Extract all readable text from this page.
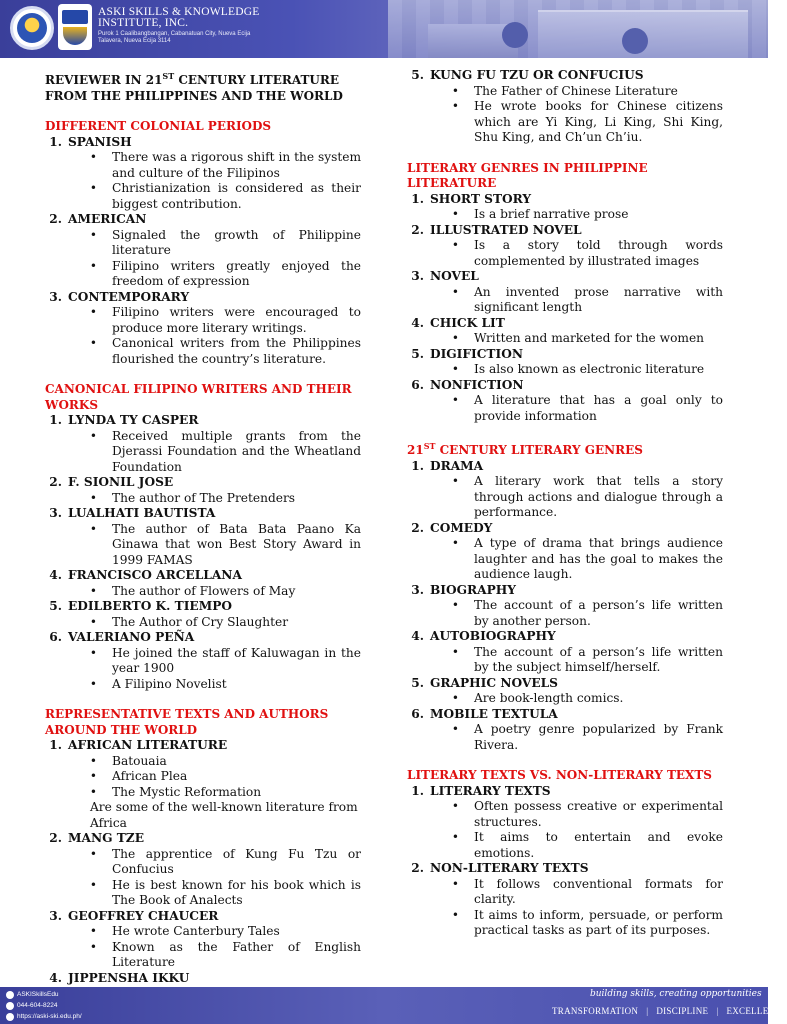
ASKI SKILLS & KNOWLEDGE
INSTITUTE, INC.
Purok 1 Caalibangbangan, Cabanatuan City, Nueva Ecija
Talavera, Nueva Ecija 3114
REVIEWER IN 21ST CENTURY LITERATURE FROM THE PHILIPPINES AND THE WORLD
DIFFERENT COLONIAL PERIODS
1. SPANISH
•	There was a rigorous shift in the system and culture of the Filipinos
•	Christianization is considered as their biggest contribution.
2. AMERICAN
•	Signaled the growth of Philippine literature
•	Filipino writers greatly enjoyed the freedom of expression
3. CONTEMPORARY
•	Filipino writers were encouraged to produce more literary writings.
•	Canonical writers from the Philippines flourished the country’s literature.
CANONICAL FILIPINO WRITERS AND THEIR WORKS
1. LYNDA TY CASPER
•	Received multiple grants from the Djerassi Foundation and the Wheatland Foundation
2. F. SIONIL JOSE
•	The author of The Pretenders
3. LUALHATI BAUTISTA
•	The author of Bata Bata Paano Ka Ginawa that won Best Story Award in 1999 FAMAS
4. FRANCISCO ARCELLANA
•	The author of Flowers of May
5. EDILBERTO K. TIEMPO
•	The Author of Cry Slaughter
6. VALERIANO PEÑA
•	He joined the staff of Kaluwagan in the year 1900
•	A Filipino Novelist
REPRESENTATIVE TEXTS AND AUTHORS AROUND THE WORLD
1. AFRICAN LITERATURE
•	Batouaia
•	African Plea
•	The Mystic Reformation
Are some of the well-known literature from Africa
2. MANG TZE
•	The apprentice of Kung Fu Tzu or Confucius
•	He is best known for his book which is The Book of Analects
3. GEOFFREY CHAUCER
•	He wrote Canterbury Tales
•	Known as the Father of English Literature
4. JIPPENSHA IKKU
5. KUNG FU TZU OR CONFUCIUS
•	The Father of Chinese Literature
•	He wrote books for Chinese citizens which are Yi King, Li King, Shi King, Shu King, and Ch’un Ch’iu.
LITERARY GENRES IN PHILIPPINE LITERATURE
1. SHORT STORY
•	Is a brief narrative prose
2. ILLUSTRATED NOVEL
•	Is a story told through words complemented by illustrated images
3. NOVEL
•	An invented prose narrative with significant length
4. CHICK LIT
•	Written and marketed for the women
5. DIGIFICTION
•	Is also known as electronic literature
6. NONFICTION
•	A literature that has a goal only to provide information
21ST CENTURY LITERARY GENRES
1. DRAMA
•	A literary work that tells a story through actions and dialogue through a performance.
2. COMEDY
•	A type of drama that brings audience laughter and has the goal to makes the audience laugh.
3. BIOGRAPHY
•	The account of a person’s life written by another person.
4. AUTOBIOGRAPHY
•	The account of a person’s life written by the subject himself/herself.
5. GRAPHIC NOVELS
•	Are book-length comics.
6. MOBILE TEXTULA
•	A poetry genre popularized by Frank Rivera.
LITERARY TEXTS VS. NON-LITERARY TEXTS
1. LITERARY TEXTS
•	Often possess creative or experimental structures.
•	It aims to entertain and evoke emotions.
2. NON-LITERARY TEXTS
•	It follows conventional formats for clarity.
•	It aims to inform, persuade, or perform practical tasks as part of its purposes.
ASKISkillsEdu
044-604-8224
https://aski-ski.edu.ph/
building skills, creating opportunities
TRANSFORMATION | DISCIPLINE | EXCELLENCE
